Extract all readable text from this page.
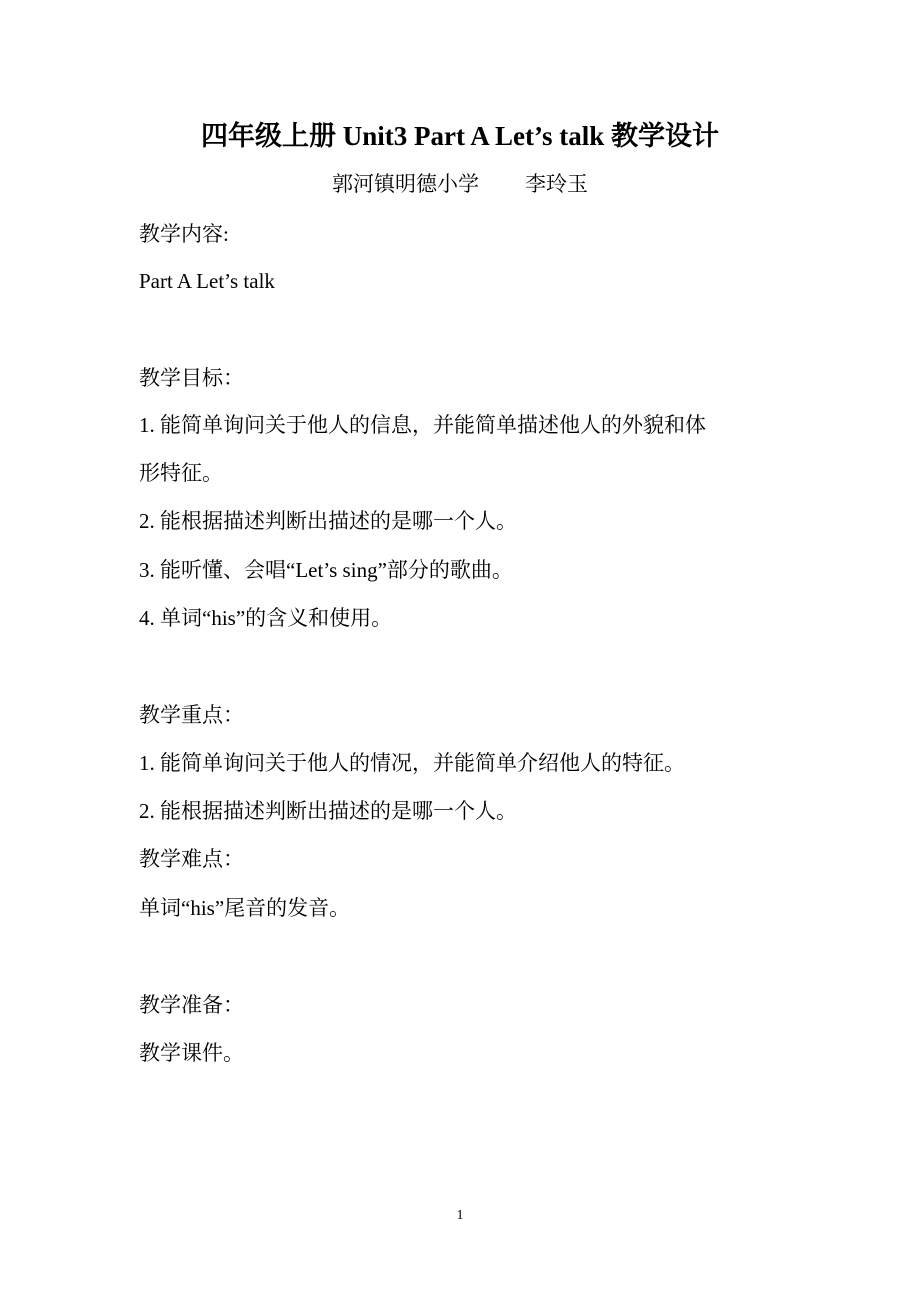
四年级上册 Unit3 Part A Let’s talk 教学设计
郭河镇明德小学 李玲玉
教学内容:
Part A Let’s talk
教学目标：
1. 能简单询问关于他人的信息，并能简单描述他人的外貌和体
形特征。
2. 能根据描述判断出描述的是哪一个人。
3. 能听懂、会唱“Let’s sing”部分的歌曲。
4. 单词“his”的含义和使用。
教学重点：
1. 能简单询问关于他人的情况，并能简单介绍他人的特征。
2. 能根据描述判断出描述的是哪一个人。
教学难点：
单词“his”尾音的发音。
教学准备：
教学课件。
1
